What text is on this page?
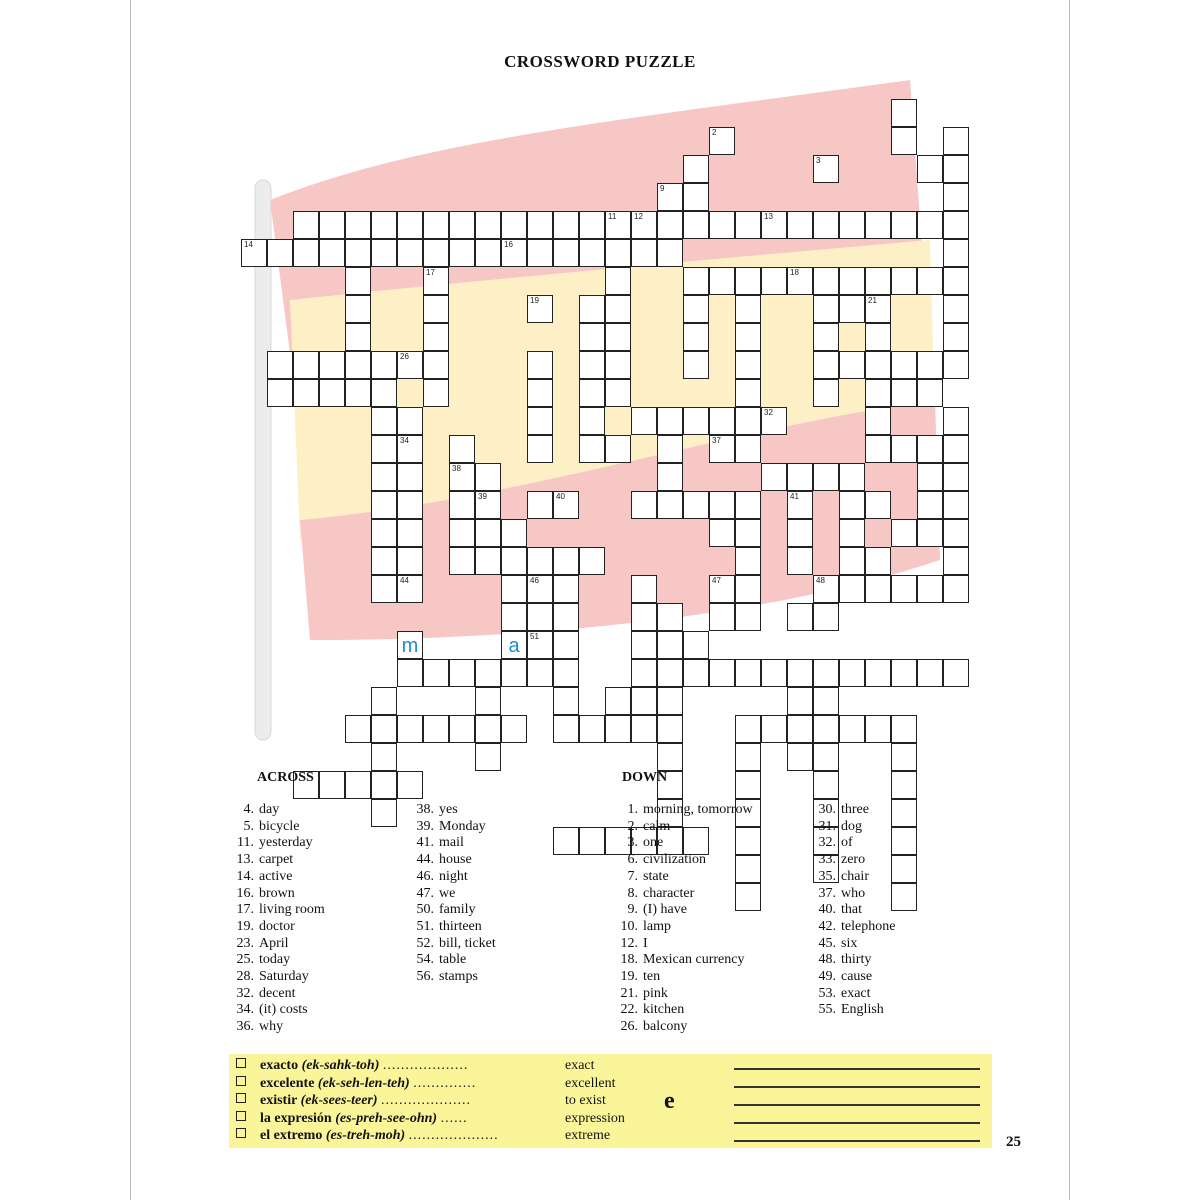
CROSSWORD PUZZLE
2
3
9
11 12	13
14	16
17	18
19	21
26
32
34	37
38
39	40	41
44	46	47	48
m	a	51
ACROSS	DOWN
4. day
5. bicycle
11. yesterday
13. carpet
14. active
16. brown
17. living room
19. doctor
23. April
25. today
28. Saturday
32. decent
34. (it) costs
36. why
38. yes
39. Monday
41. mail
44. house
46. night
47. we
50. family
51. thirteen
52. bill, ticket
54. table
56. stamps
1. morning, tomorrow
2. calm
3. one
6. civilization
7. state
8. character
9. (I) have
10. lamp
12. I
18. Mexican currency
19. ten
21. pink
22. kitchen
26. balcony
30. three
31. dog
32. of
33. zero
35. chair
37. who
40. that
42. telephone
45. six
48. thirty
49. cause
53. exact
55. English
exacto (ek-sahk-toh) ...................	exact
excelente (ek-seh-len-teh) ..............	excellent
existir (ek-sees-teer) ....................	to exist
la expresión (es-preh-see-ohn) ......	expression
el extremo (es-treh-moh) ....................	extreme
e
25
